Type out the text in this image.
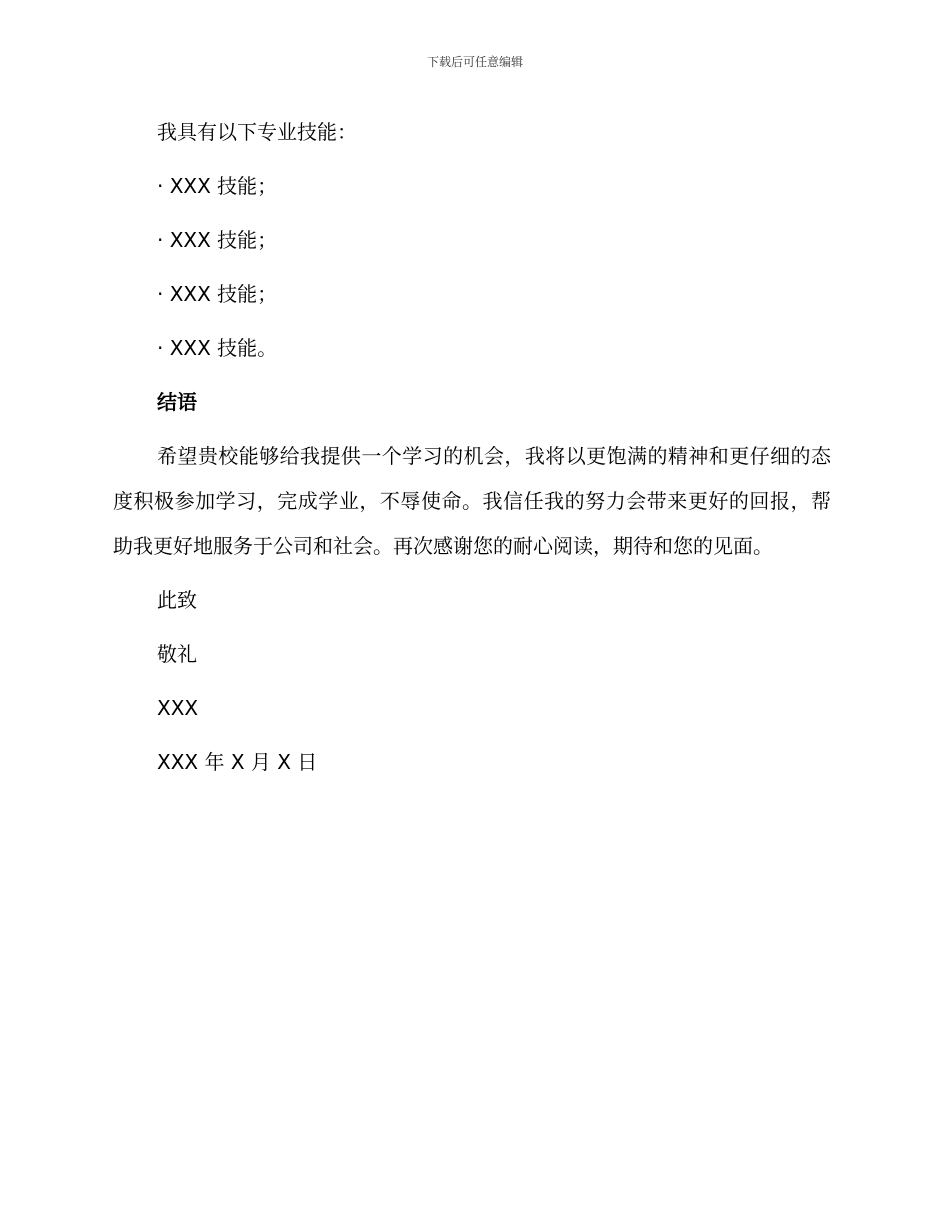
下载后可任意编辑

我具有以下专业技能：

· XXX 技能；

· XXX 技能；

· XXX 技能；

· XXX 技能。

结语

希望贵校能够给我提供一个学习的机会，我将以更饱满的精神和更仔细的态度积极参加学习，完成学业，不辱使命。我信任我的努力会带来更好的回报，帮助我更好地服务于公司和社会。再次感谢您的耐心阅读，期待和您的见面。

此致

敬礼

XXX

XXX 年 X 月 X 日
